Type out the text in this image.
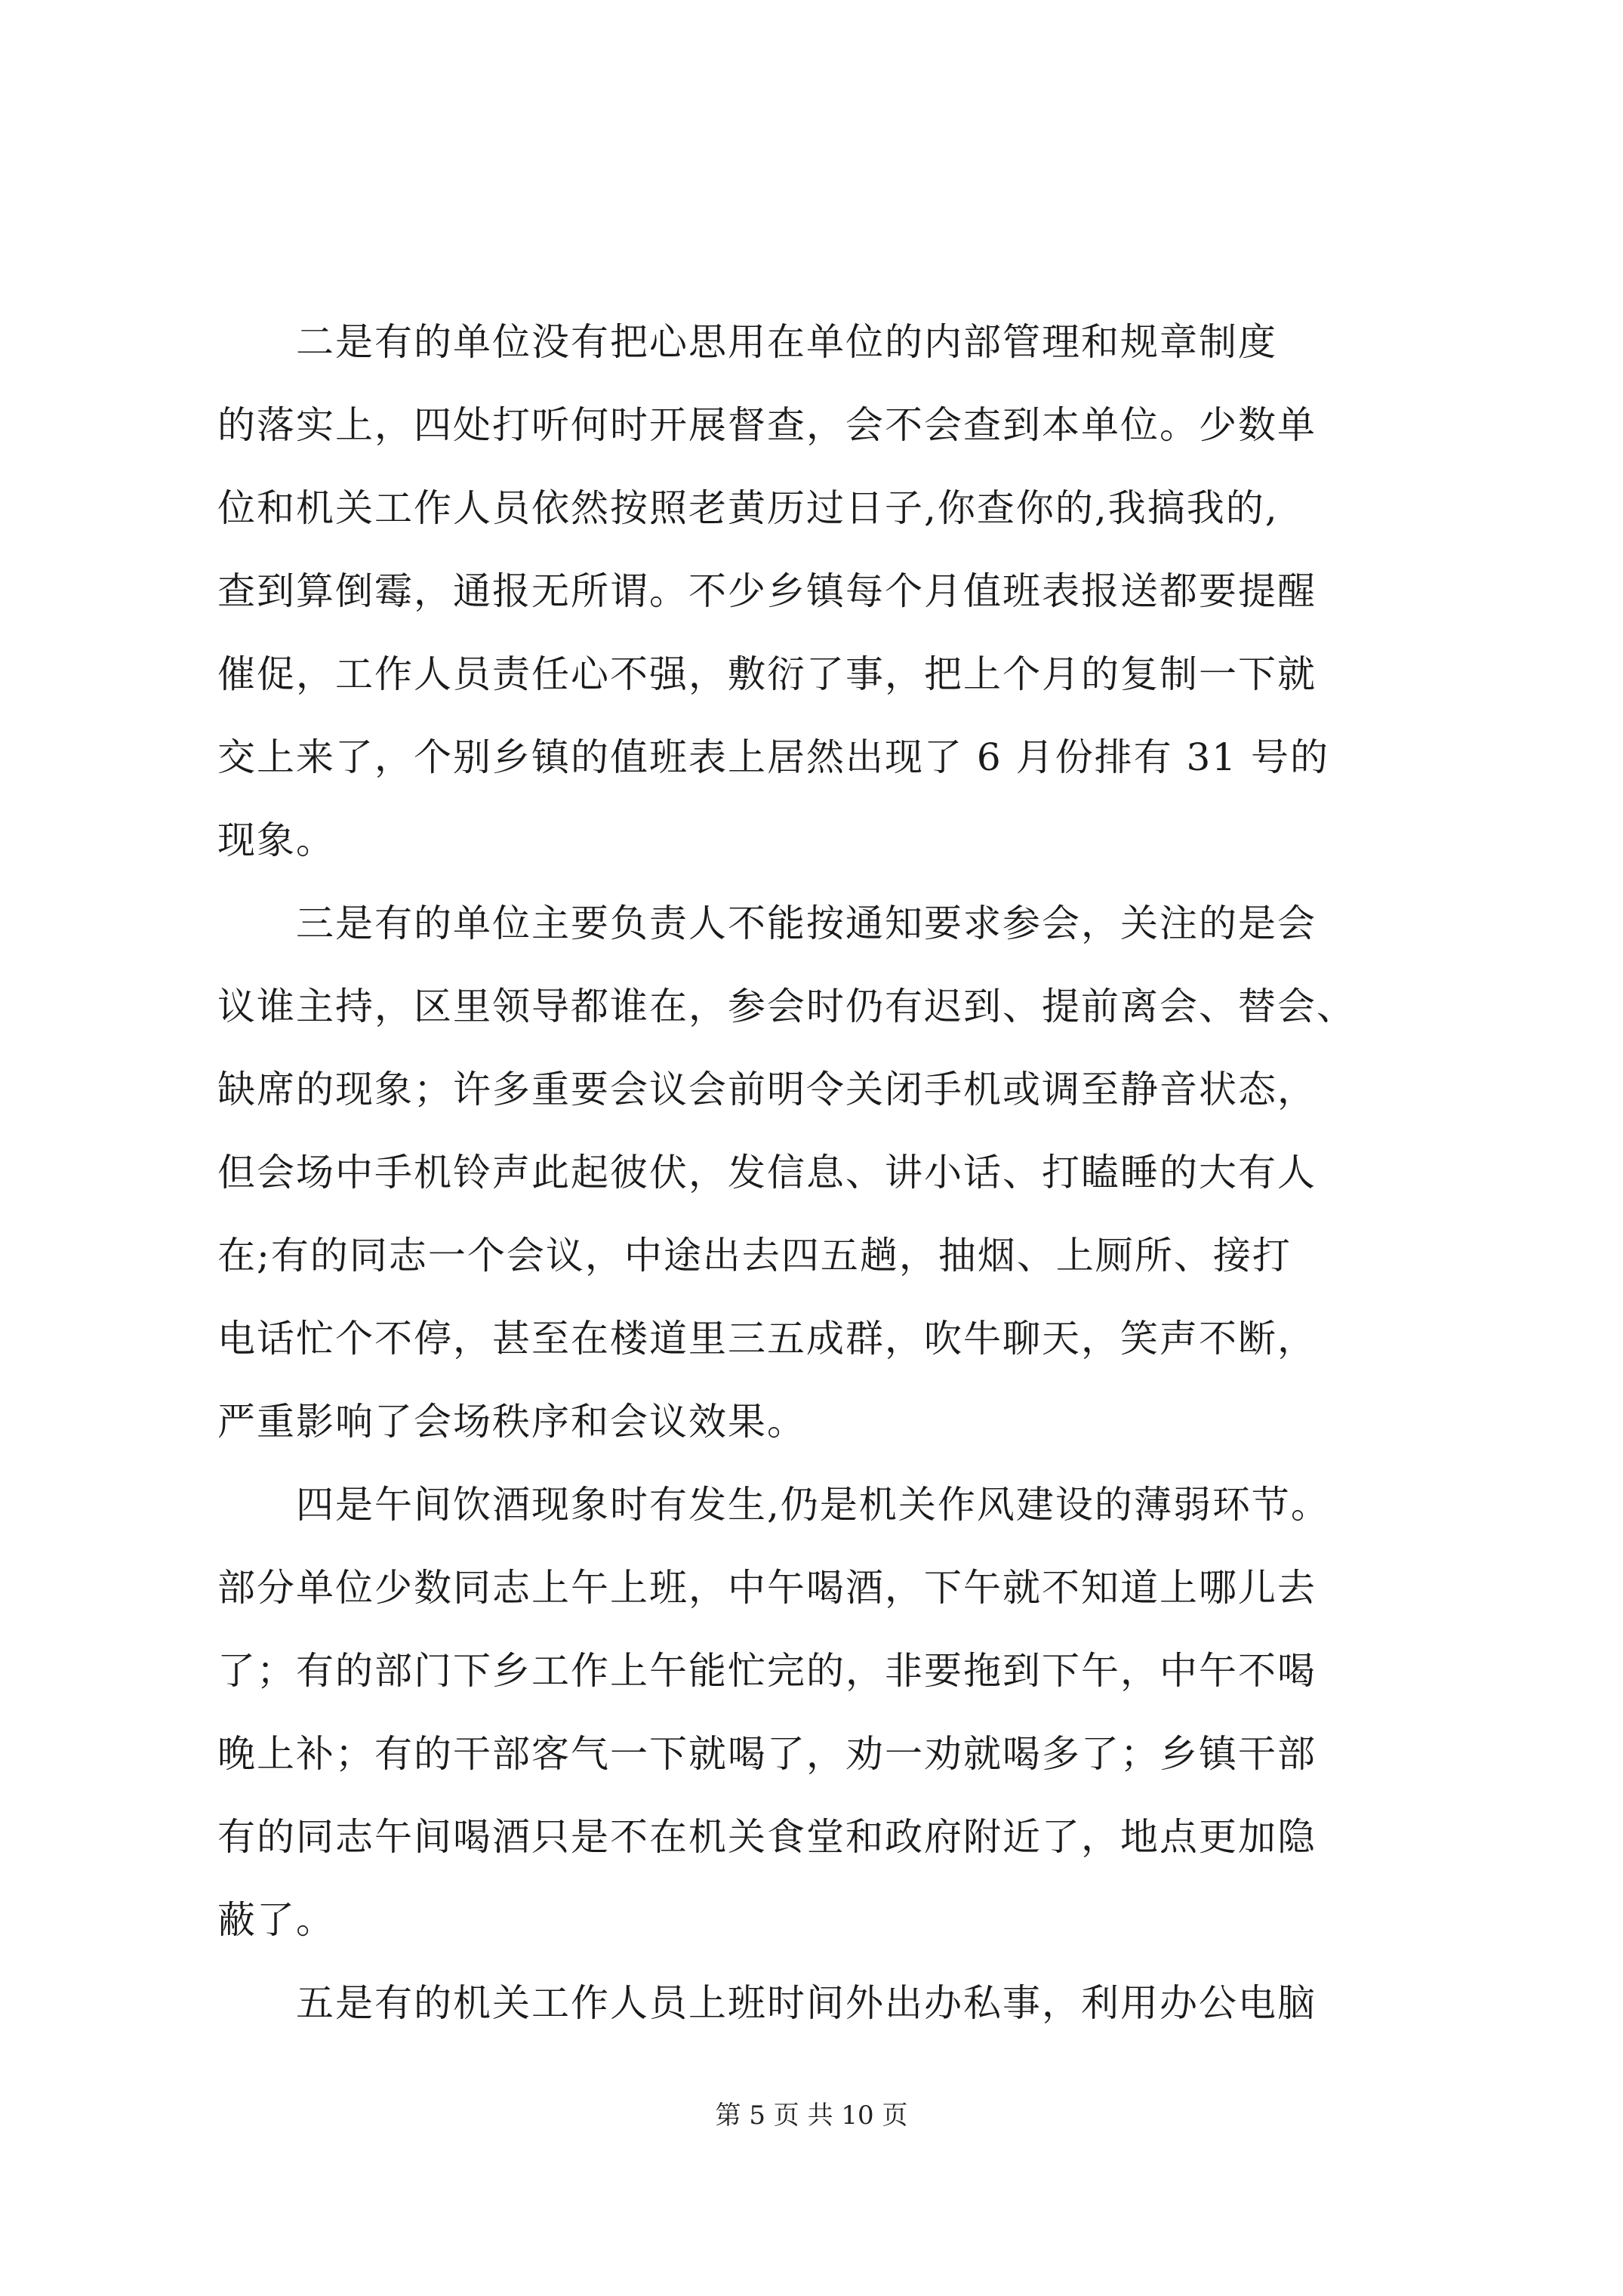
二是有的单位没有把心思用在单位的内部管理和规章制度
的落实上，四处打听何时开展督查，会不会查到本单位。少数单
位和机关工作人员依然按照老黄历过日子,你查你的,我搞我的,
查到算倒霉，通报无所谓。不少乡镇每个月值班表报送都要提醒
催促，工作人员责任心不强，敷衍了事，把上个月的复制一下就
交上来了，个别乡镇的值班表上居然出现了 6 月份排有 31 号的
现象。
三是有的单位主要负责人不能按通知要求参会，关注的是会
议谁主持，区里领导都谁在，参会时仍有迟到、提前离会、替会、
缺席的现象；许多重要会议会前明令关闭手机或调至静音状态，
但会场中手机铃声此起彼伏，发信息、讲小话、打瞌睡的大有人
在;有的同志一个会议，中途出去四五趟，抽烟、上厕所、接打
电话忙个不停，甚至在楼道里三五成群，吹牛聊天，笑声不断，
严重影响了会场秩序和会议效果。
四是午间饮酒现象时有发生,仍是机关作风建设的薄弱环节。
部分单位少数同志上午上班，中午喝酒，下午就不知道上哪儿去
了；有的部门下乡工作上午能忙完的，非要拖到下午，中午不喝
晚上补；有的干部客气一下就喝了，劝一劝就喝多了；乡镇干部
有的同志午间喝酒只是不在机关食堂和政府附近了，地点更加隐
蔽了。
五是有的机关工作人员上班时间外出办私事，利用办公电脑
第 5 页 共 10 页
